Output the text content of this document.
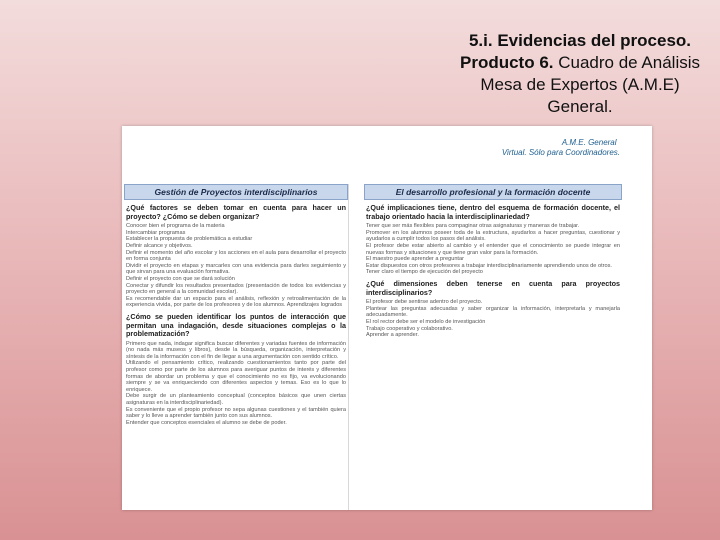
5.i. Evidencias del proceso.
Producto 6. Cuadro de Análisis
Mesa de Expertos (A.M.E)
General.
A.M.E. General
Virtual. Sólo para Coordinadores.
Gestión de Proyectos interdisciplinarios
¿Qué factores se deben tomar en cuenta para hacer un proyecto? ¿Cómo se deben organizar?
Conocer bien el programa de la materia
Intercambiar programas
Establecer la propuesta de problemática a estudiar
Definir alcance y objetivos.
Definir el momento del año escolar y los acciones en el aula para desarrollar el proyecto en forma conjunta
Dividir el proyecto en etapas y marcarles con una evidencia para darles seguimiento y que sirvan para una evaluación formativa.
Definir el proyecto con que se dará solución
Conectar y difundir los resultados presentados (presentación de todos los evidencias y proyecto en general a la comunidad escolar).
Es recomendable dar un espacio para el análisis, reflexión y retroalimentación de la experiencia vivida, por parte de los profesores y de los alumnos. Aprendizajes logrados
¿Cómo se pueden identificar los puntos de interacción que permitan una indagación, desde situaciones complejas o la problematización?
Primero que nada, indagar significa buscar diferentes y variadas fuentes de información (no nada más museos y libros), desde la búsqueda, organización, interpretación y síntesis de la información con el fin de llegar a una argumentación con sentido crítico.
Utilizando el pensamiento crítico, realizando cuestionamientos tanto por parte del profesor como por parte de los alumnos para averiguar puntos de interés y diferentes formas de abordar un problema y que el conocimiento no es fijo, va evolucionando siempre y se va enriqueciendo con diferentes aspectos y temas. Eso es lo que lo enriquece.
Debe surgir de un planteamiento conceptual (conceptos básicos que unen ciertas asignaturas en la interdisciplinariedad).
Es conveniente que el propio profesor no sepa algunas cuestiones y el también quiera saber y lo lleve a aprender también junto con sus alumnos.
Entender que conceptos esenciales el alumno se debe de poder.
El desarrollo profesional y la formación docente
¿Qué implicaciones tiene, dentro del esquema de formación docente, el trabajo orientado hacia la interdisciplinariedad?
Tener que ser más flexibles para compaginar otras asignaturas y maneras de trabajar.
Promover en los alumnos poseer toda de la estructura, ayudarlos a hacer preguntas, cuestionar y ayudarlos a cumplir todos los pasos del análisis.
El profesor debe estar abierto al cambio y el entender que el conocimiento se puede integrar en nuevas formas y situaciones y que tiene gran valor para la formación.
El maestro puede aprender a preguntar
Estar dispuestos con otros profesores a trabajar interdisciplinariamente aprendiendo unos de otros.
Tener claro el tiempo de ejecución del proyecto
¿Qué dimensiones deben tenerse en cuenta para proyectos interdisciplinarios?
El profesor debe sentirse adentro del proyecto.
Plantear las preguntas adecuadas y saber organizar la información, interpretarla y manejarla adecuadamente.
El rol rector debe ser el modelo de investigación
Trabajo cooperativo y colaborativo.
Aprender a aprender.
